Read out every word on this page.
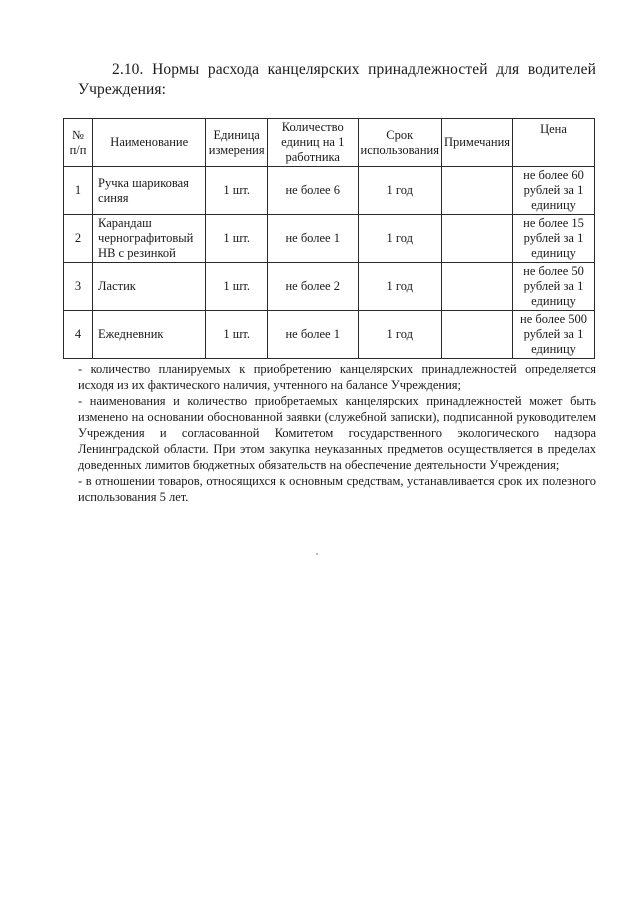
2.10. Нормы расхода канцелярских принадлежностей для водителей Учреждения:
№ п/п	Наименование	Единица измерения	Количество единиц на 1 работника	Срок использования	Примечания	Цена
1	Ручка шариковая синяя	1 шт.	не более 6	1 год		не более 60 рублей за 1 единицу
2	Карандаш чернографитовый НВ с резинкой	1 шт.	не более 1	1 год		не более 15 рублей за 1 единицу
3	Ластик	1 шт.	не более 2	1 год		не более 50 рублей за 1 единицу
4	Ежедневник	1 шт.	не более 1	1 год		не более 500 рублей за 1 единицу

- количество планируемых к приобретению канцелярских принадлежностей определяется исходя из их фактического наличия, учтенного на балансе Учреждения;

- наименования и количество приобретаемых канцелярских принадлежностей может быть изменено на основании обоснованной заявки (служебной записки), подписанной руководителем Учреждения и согласованной Комитетом государственного экологического надзора Ленинградской области. При этом закупка неуказанных предметов осуществляется в пределах доведенных лимитов бюджетных обязательств на обеспечение деятельности Учреждения;

- в отношении товаров, относящихся к основным средствам, устанавливается срок их полезного использования 5 лет.
